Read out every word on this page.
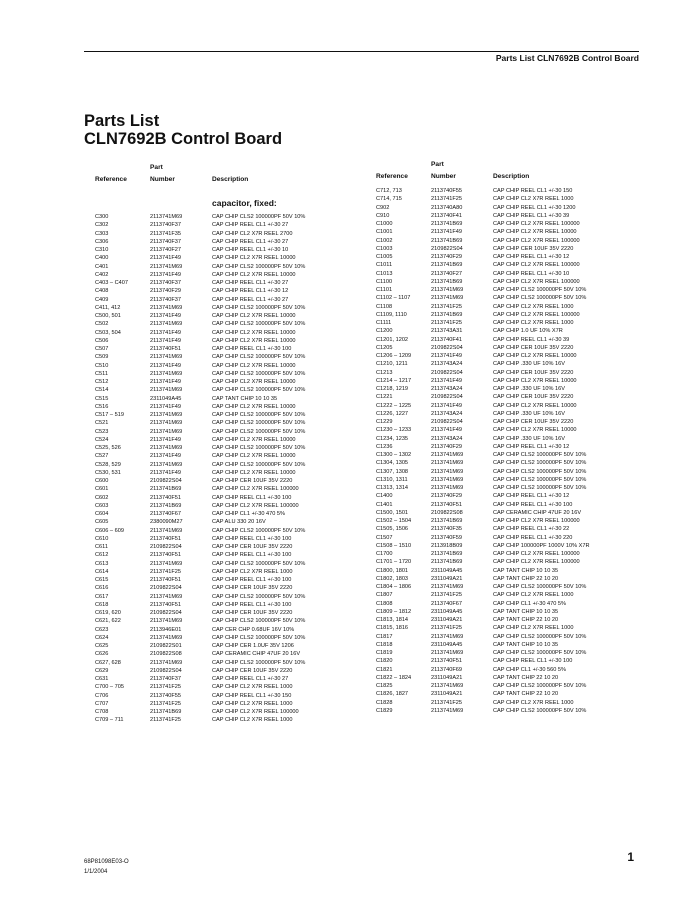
Parts List CLN7692B Control Board
Parts List
CLN7692B Control Board
Reference
Part
Number	Description
capacitor, fixed:
C300	2113741M69	CAP CHIP CLS2 100000PF 50V 10%
C302	2113740F37	CAP CHIP REEL CL1 +/-30 27
C303	2113741F35	CAP CHIP CL2 X7R REEL 2700
C306	2113740F37	CAP CHIP REEL CL1 +/-30 27
C310	2113740F27	CAP CHIP REEL CL1 +/-30 10
C400	2113741F49	CAP CHIP CL2 X7R REEL 10000
C401	2113741M69	CAP CHIP CLS2 100000PF 50V 10%
C402	2113741F49	CAP CHIP CL2 X7R REEL 10000
C403 – C407	2113740F37	CAP CHIP REEL CL1 +/-30 27
C408	2113740F29	CAP CHIP REEL CL1 +/-30 12
C409	2113740F37	CAP CHIP REEL CL1 +/-30 27
C411, 412	2113741M69	CAP CHIP CLS2 100000PF 50V 10%
C500, 501	2113741F49	CAP CHIP CL2 X7R REEL 10000
C502	2113741M69	CAP CHIP CLS2 100000PF 50V 10%
C503, 504	2113741F49	CAP CHIP CL2 X7R REEL 10000
C506	2113741F49	CAP CHIP CL2 X7R REEL 10000
C507	2113740F51	CAP CHIP REEL CL1 +/-30 100
C509	2113741M69	CAP CHIP CLS2 100000PF 50V 10%
C510	2113741F49	CAP CHIP CL2 X7R REEL 10000
C511	2113741M69	CAP CHIP CLS2 100000PF 50V 10%
C512	2113741F49	CAP CHIP CL2 X7R REEL 10000
C514	2113741M69	CAP CHIP CLS2 100000PF 50V 10%
C515	2311049A45	CAP TANT CHIP 10 10 35
C516	2113741F49	CAP CHIP CL2 X7R REEL 10000
C517 – 519	2113741M69	CAP CHIP CLS2 100000PF 50V 10%
C521	2113741M69	CAP CHIP CLS2 100000PF 50V 10%
C523	2113741M69	CAP CHIP CLS2 100000PF 50V 10%
C524	2113741F49	CAP CHIP CL2 X7R REEL 10000
C525, 526	2113741M69	CAP CHIP CLS2 100000PF 50V 10%
C527	2113741F49	CAP CHIP CL2 X7R REEL 10000
C528, 529	2113741M69	CAP CHIP CLS2 100000PF 50V 10%
C530, 531	2113741F49	CAP CHIP CL2 X7R REEL 10000
C600	2109822S04	CAP CHIP CER 10UF 35V 2220
C601	2113741B69	CAP CHIP CL2 X7R REEL 100000
C602	2113740F51	CAP CHIP REEL CL1 +/-30 100
C603	2113741B69	CAP CHIP CL2 X7R REEL 100000
C604	2113740F67	CAP CHIP CL1 +/-30 470 5%
C605	2380090M27	CAP ALU 330 20 16V
C606 – 609	2113741M69	CAP CHIP CLS2 100000PF 50V 10%
C610	2113740F51	CAP CHIP REEL CL1 +/-30 100
C611	2109822S04	CAP CHIP CER 10UF 35V 2220
C612	2113740F51	CAP CHIP REEL CL1 +/-30 100
C613	2113741M69	CAP CHIP CLS2 100000PF 50V 10%
C614	2113741F25	CAP CHIP CL2 X7R REEL 1000
C615	2113740F51	CAP CHIP REEL CL1 +/-30 100
C616	2109822S04	CAP CHIP CER 10UF 35V 2220
C617	2113741M69	CAP CHIP CLS2 100000PF 50V 10%
C618	2113740F51	CAP CHIP REEL CL1 +/-30 100
C619, 620	2109822S04	CAP CHIP CER 10UF 35V 2220
C621, 622	2113741M69	CAP CHIP CLS2 100000PF 50V 10%
C623	2113946E01	CAP CER CHP 0.68UF 16V 10%
C624	2113741M69	CAP CHIP CLS2 100000PF 50V 10%
C625	2109822S01	CAP CHIP CER 1.0UF 35V 1206
C626	2109822S08	CAP CERAMIC CHIP 47UF 20 16V
C627, 628	2113741M69	CAP CHIP CLS2 100000PF 50V 10%
C629	2109822S04	CAP CHIP CER 10UF 35V 2220
C631	2113740F37	CAP CHIP REEL CL1 +/-30 27
C700 – 705	2113741F25	CAP CHIP CL2 X7R REEL 1000
C706	2113740F55	CAP CHIP REEL CL1 +/-30 150
C707	2113741F25	CAP CHIP CL2 X7R REEL 1000
C708	2113741B69	CAP CHIP CL2 X7R REEL 100000
C709 – 711	2113741F25	CAP CHIP CL2 X7R REEL 1000
Reference
Part
Number	Description
C712, 713	2113740F55	CAP CHIP REEL CL1 +/-30 150
C714, 715	2113741F25	CAP CHIP CL2 X7R REEL 1000
C902	2113740A80	CAP CHIP REEL CL1 +/-30 1200
C910	2113740F41	CAP CHIP REEL CL1 +/-30 39
C1000	2113741B69	CAP CHIP CL2 X7R REEL 100000
C1001	2113741F49	CAP CHIP CL2 X7R REEL 10000
C1002	2113741B69	CAP CHIP CL2 X7R REEL 100000
C1003	2109822S04	CAP CHIP CER 10UF 35V 2220
C1005	2113740F29	CAP CHIP REEL CL1 +/-30 12
C1011	2113741B69	CAP CHIP CL2 X7R REEL 100000
C1013	2113740F27	CAP CHIP REEL CL1 +/-30 10
C1100	2113741B69	CAP CHIP CL2 X7R REEL 100000
C1101	2113741M69	CAP CHIP CLS2 100000PF 50V 10%
C1102 – 1107	2113741M69	CAP CHIP CLS2 100000PF 50V 10%
C1108	2113741F25	CAP CHIP CL2 X7R REEL 1000
C1109, 1110	2113741B69	CAP CHIP CL2 X7R REEL 100000
C1111	2113741F25	CAP CHIP CL2 X7R REEL 1000
C1200	2113743A31	CAP CHIP 1.0 UF 10% X7R
C1201, 1202	2113740F41	CAP CHIP REEL CL1 +/-30 39
C1205	2109822S04	CAP CHIP CER 10UF 35V 2220
C1206 – 1209	2113741F49	CAP CHIP CL2 X7R REEL 10000
C1210, 1211	2113743A24	CAP CHIP .330 UF 10% 16V
C1213	2109822S04	CAP CHIP CER 10UF 35V 2220
C1214 – 1217	2113741F49	CAP CHIP CL2 X7R REEL 10000
C1218, 1219	2113743A24	CAP CHIP .330 UF 10% 16V
C1221	2109822S04	CAP CHIP CER 10UF 35V 2220
C1222 – 1225	2113741F49	CAP CHIP CL2 X7R REEL 10000
C1226, 1227	2113743A24	CAP CHIP .330 UF 10% 16V
C1229	2109822S04	CAP CHIP CER 10UF 35V 2220
C1230 – 1233	2113741F49	CAP CHIP CL2 X7R REEL 10000
C1234, 1235	2113743A24	CAP CHIP .330 UF 10% 16V
C1236	2113740F29	CAP CHIP REEL CL1 +/-30 12
C1300 – 1302	2113741M69	CAP CHIP CLS2 100000PF 50V 10%
C1304, 1305	2113741M69	CAP CHIP CLS2 100000PF 50V 10%
C1307, 1308	2113741M69	CAP CHIP CLS2 100000PF 50V 10%
C1310, 1311	2113741M69	CAP CHIP CLS2 100000PF 50V 10%
C1313, 1314	2113741M69	CAP CHIP CLS2 100000PF 50V 10%
C1400	2113740F29	CAP CHIP REEL CL1 +/-30 12
C1401	2113740F51	CAP CHIP REEL CL1 +/-30 100
C1500, 1501	2109822S08	CAP CERAMIC CHIP 47UF 20 16V
C1502 – 1504	2113741B69	CAP CHIP CL2 X7R REEL 100000
C1505, 1506	2113740F35	CAP CHIP REEL CL1 +/-30 22
C1507	2113740F59	CAP CHIP REEL CL1 +/-30 220
C1508 – 1510	2113918B09	CAP CHIP 100000PF 1000V 10% X7R
C1700	2113741B69	CAP CHIP CL2 X7R REEL 100000
C1701 – 1720	2113741B69	CAP CHIP CL2 X7R REEL 100000
C1800, 1801	2311049A45	CAP TANT CHIP 10 10 35
C1802, 1803	2311049A21	CAP TANT CHIP 22 10 20
C1804 – 1806	2113741M69	CAP CHIP CLS2 100000PF 50V 10%
C1807	2113741F25	CAP CHIP CL2 X7R REEL 1000
C1808	2113740F67	CAP CHIP CL1 +/-30 470 5%
C1809 – 1812	2311049A45	CAP TANT CHIP 10 10 35
C1813, 1814	2311049A21	CAP TANT CHIP 22 10 20
C1815, 1816	2113741F25	CAP CHIP CL2 X7R REEL 1000
C1817	2113741M69	CAP CHIP CLS2 100000PF 50V 10%
C1818	2311049A45	CAP TANT CHIP 10 10 35
C1819	2113741M69	CAP CHIP CLS2 100000PF 50V 10%
C1820	2113740F51	CAP CHIP REEL CL1 +/-30 100
C1821	2113740F69	CAP CHIP CL1 +/-30 560 5%
C1822 – 1824	2311049A21	CAP TANT CHIP 22 10 20
C1825	2113741M69	CAP CHIP CLS2 100000PF 50V 10%
C1826, 1827	2311049A21	CAP TANT CHIP 22 10 20
C1828	2113741F25	CAP CHIP CL2 X7R REEL 1000
C1829	2113741M69	CAP CHIP CLS2 100000PF 50V 10%
68P81098E03-O
1/1/2004
1
